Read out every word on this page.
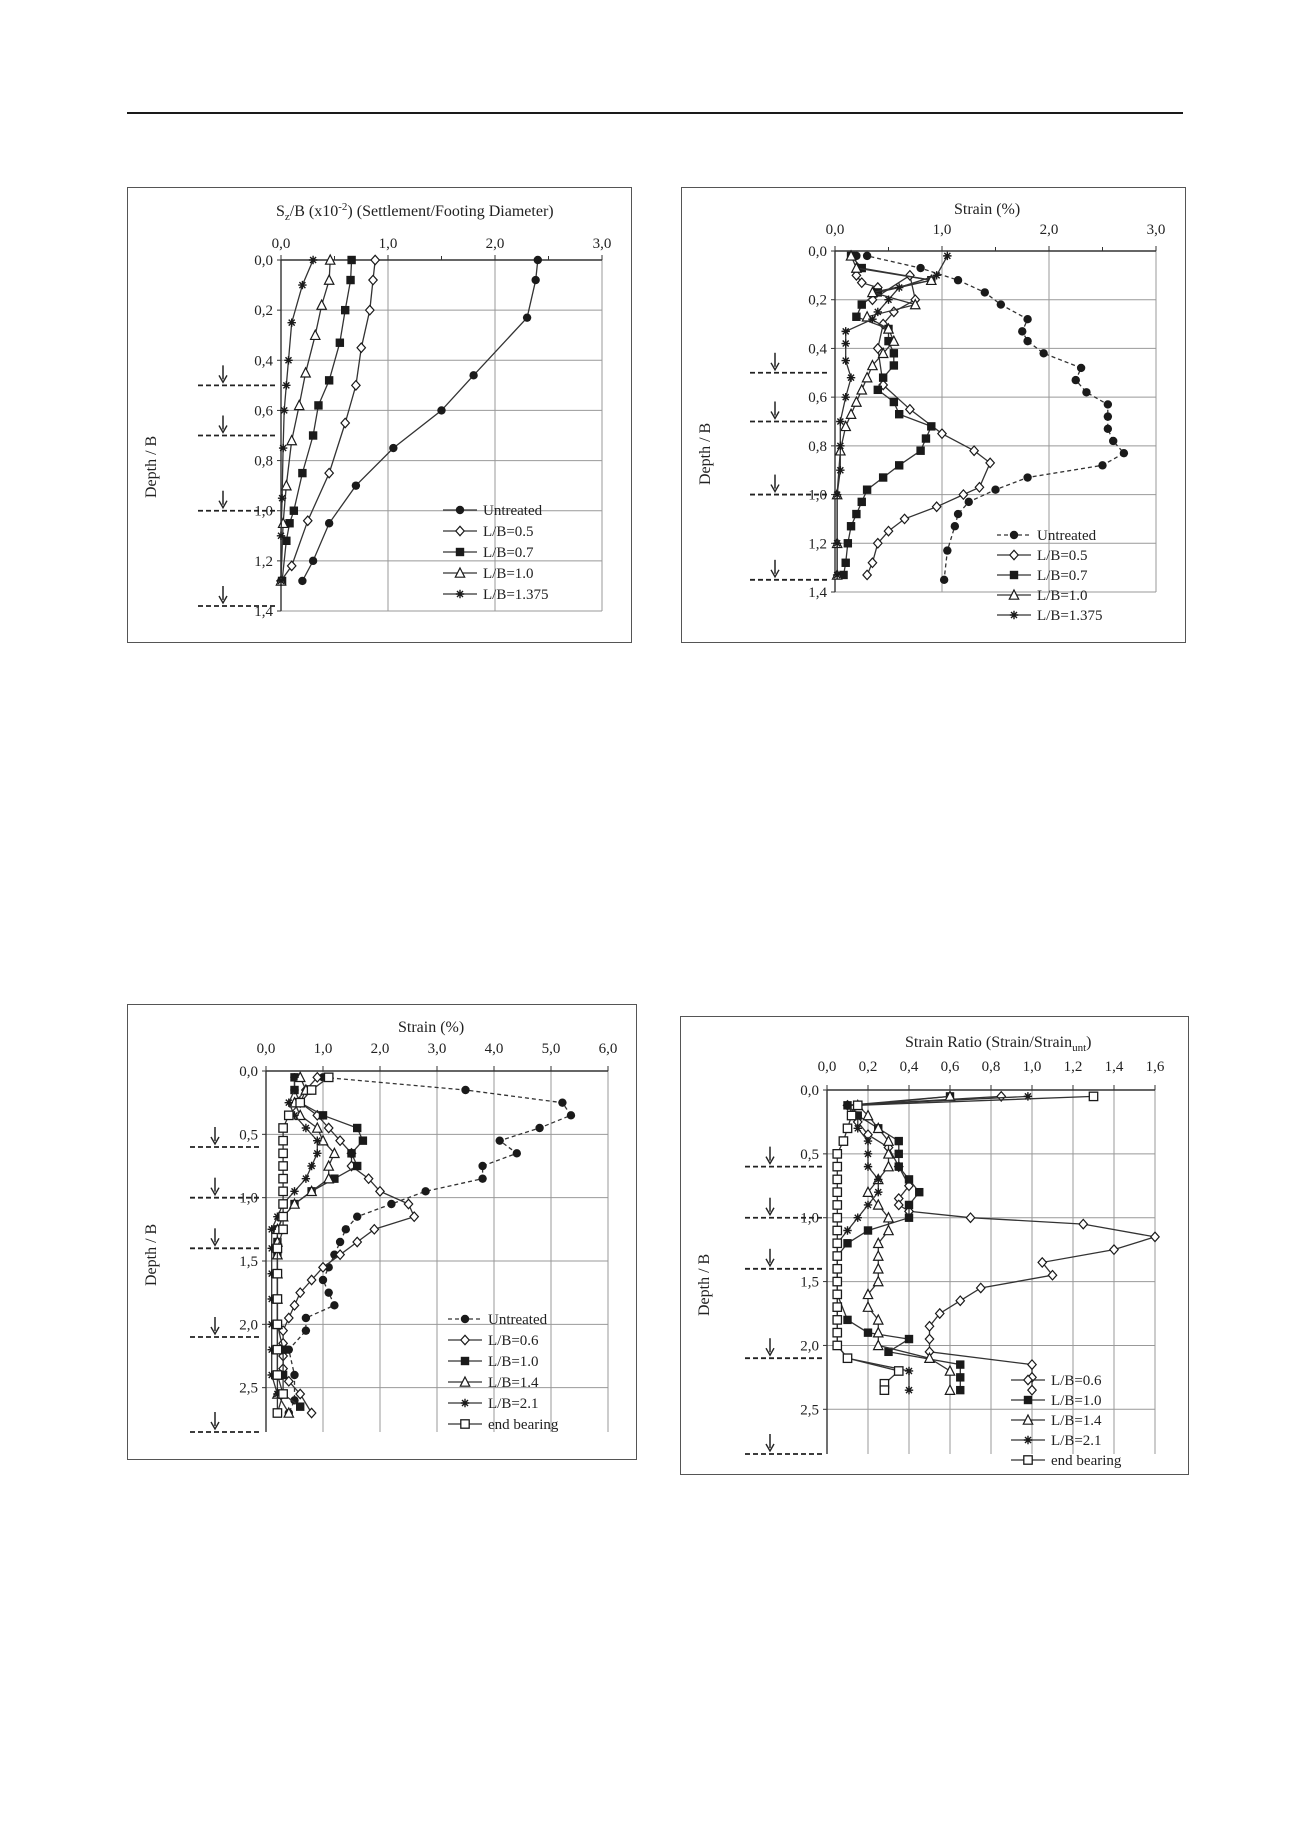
0,0	1,0	2,0	3,0
0,0
0,2
0,4
0,6
0,8
1,0
1,2
1,4
Untreated
L/B=0.5
L/B=0.7
L/B=1.0
L/B=1.375
$S_z/B$ $(x10^{-2})$ (Settlement/Footing Diameter)
Depth / B
0,0	1,0	2,0	3,0
0,0
0,2
0,4
0,6
0,8
1,0
1,2
1,4
Untreated
L/B=0.5
L/B=0.7
L/B=1.0
L/B=1.375
Strain (%)
Depth / B
0,0	1,0	2,0	3,0	4,0	5,0	6,0
0,0
0,5
1,0
1,5
2,0
2,5
Untreated
L/B=0.6
L/B=1.0
L/B=1.4
L/B=2.1
end bearing
Strain (%)
Depth / B
0,0 0,2 0,4 0,6 0,8 1,0 1,2 1,4 1,6
0,0
0,5
1,0
1,5
2,0
2,5
L/B=0.6
L/B=1.0
L/B=1.4
L/B=2.1
end bearing
Strain Ratio (Strain/Strain$_{unt}$)
Depth / B
